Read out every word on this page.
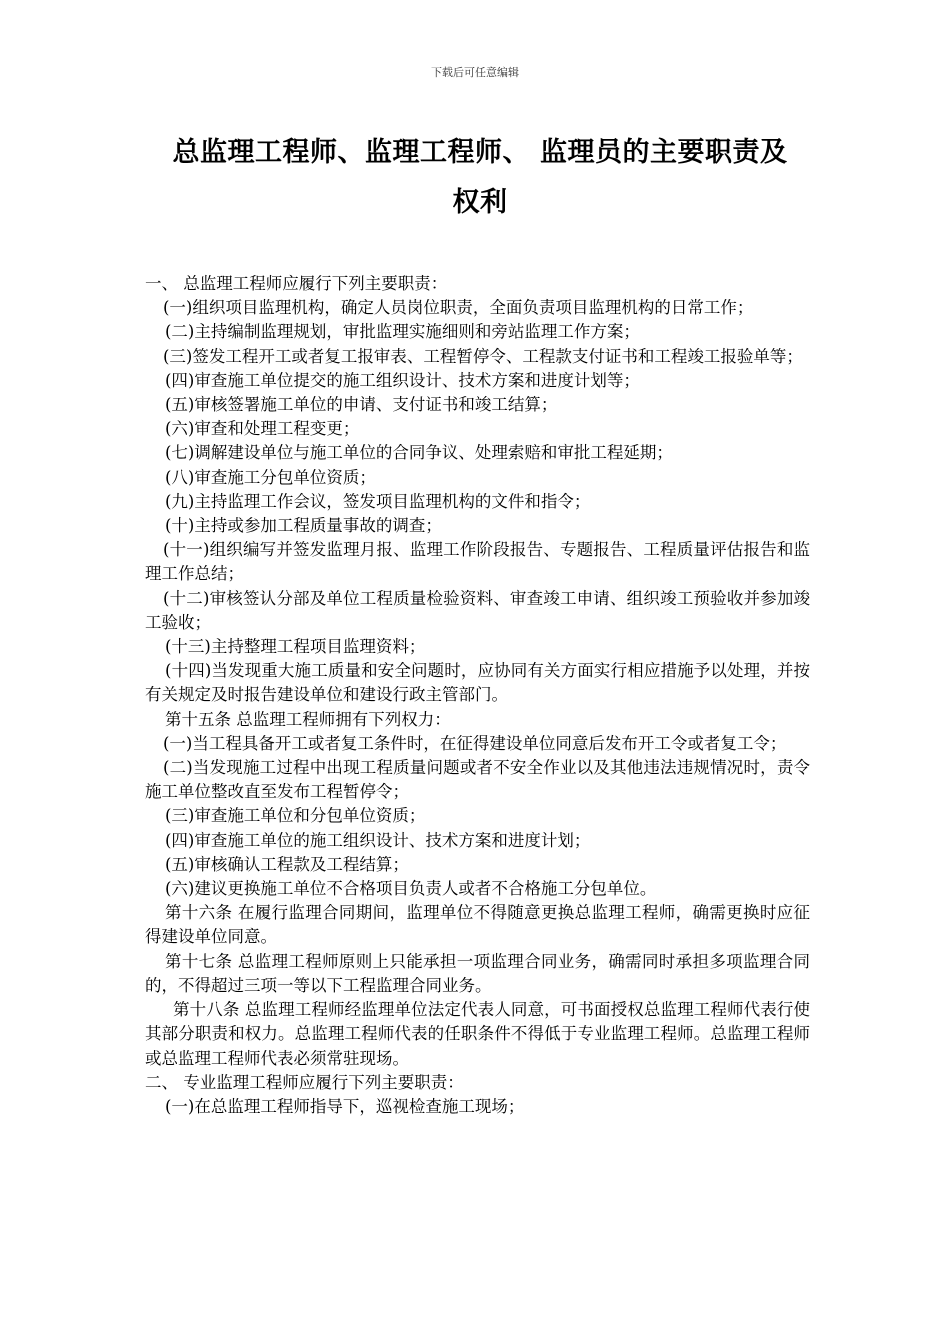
下载后可任意编辑
总监理工程师、监理工程师、 监理员的主要职责及
权利

一、 总监理工程师应履行下列主要职责：

(一)组织项目监理机构，确定人员岗位职责，全面负责项目监理机构的日常工作；

(二)主持编制监理规划，审批监理实施细则和旁站监理工作方案；

(三)签发工程开工或者复工报审表、工程暂停令、工程款支付证书和工程竣工报验单等；

(四)审查施工单位提交的施工组织设计、技术方案和进度计划等；

(五)审核签署施工单位的申请、支付证书和竣工结算；

(六)审查和处理工程变更；

(七)调解建设单位与施工单位的合同争议、处理索赔和审批工程延期；

(八)审查施工分包单位资质；

(九)主持监理工作会议，签发项目监理机构的文件和指令；

(十)主持或参加工程质量事故的调查；

(十一)组织编写并签发监理月报、监理工作阶段报告、专题报告、工程质量评估报告和监理工作总结；

(十二)审核签认分部及单位工程质量检验资料、审查竣工申请、组织竣工预验收并参加竣工验收；

(十三)主持整理工程项目监理资料；

(十四)当发现重大施工质量和安全问题时，应协同有关方面实行相应措施予以处理，并按有关规定及时报告建设单位和建设行政主管部门。

第十五条 总监理工程师拥有下列权力：

(一)当工程具备开工或者复工条件时，在征得建设单位同意后发布开工令或者复工令；

(二)当发现施工过程中出现工程质量问题或者不安全作业以及其他违法违规情况时，责令施工单位整改直至发布工程暂停令；

(三)审查施工单位和分包单位资质；

(四)审查施工单位的施工组织设计、技术方案和进度计划；

(五)审核确认工程款及工程结算；

(六)建议更换施工单位不合格项目负责人或者不合格施工分包单位。

第十六条 在履行监理合同期间，监理单位不得随意更换总监理工程师，确需更换时应征得建设单位同意。

第十七条 总监理工程师原则上只能承担一项监理合同业务，确需同时承担多项监理合同的，不得超过三项一等以下工程监理合同业务。

第十八条 总监理工程师经监理单位法定代表人同意，可书面授权总监理工程师代表行使其部分职责和权力。总监理工程师代表的任职条件不得低于专业监理工程师。总监理工程师或总监理工程师代表必须常驻现场。

二、 专业监理工程师应履行下列主要职责：

(一)在总监理工程师指导下，巡视检查施工现场；
